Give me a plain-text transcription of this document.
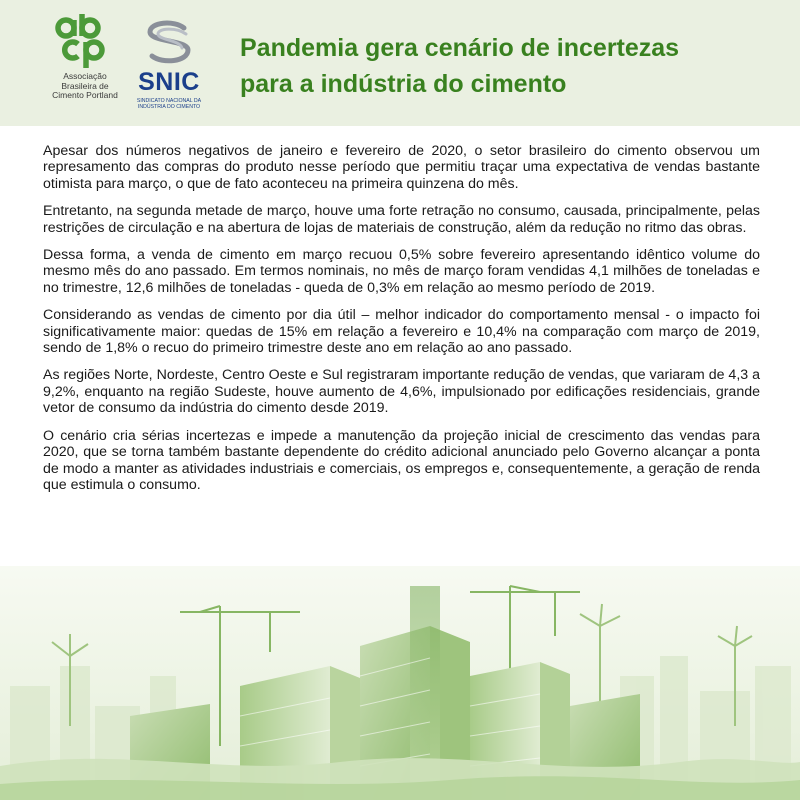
Associação
Brasileira de
Cimento Portland SNIC
SINDICATO NACIONAL DA
INDÚSTRIA DO CIMENTO
Pandemia gera cenário de incertezas
para a indústria do cimento

Apesar dos números negativos de janeiro e fevereiro de 2020, o setor brasileiro do cimento observou um represamento das compras do produto nesse período que permitiu traçar uma expectativa de vendas bastante otimista para março, o que de fato aconteceu na primeira quinzena do mês.

Entretanto, na segunda metade de março, houve uma forte retração no consumo, causada, principalmente, pelas restrições de circulação e na abertura de lojas de materiais de construção, além da redução no ritmo das obras.

Dessa forma, a venda de cimento em março recuou 0,5% sobre fevereiro apresentando idêntico volume do mesmo mês do ano passado. Em termos nominais, no mês de março foram vendidas 4,1 milhões de toneladas e no trimestre, 12,6 milhões de toneladas - queda de 0,3% em relação ao mesmo período de 2019.

Considerando as vendas de cimento por dia útil – melhor indicador do comportamento mensal - o impacto foi significativamente maior: quedas de 15% em relação a fevereiro e 10,4% na comparação com março de 2019, sendo de 1,8% o recuo do primeiro trimestre deste ano em relação ao ano passado.

As regiões Norte, Nordeste, Centro Oeste e Sul registraram importante redução de vendas, que variaram de 4,3 a 9,2%, enquanto na região Sudeste, houve aumento de 4,6%, impulsionado por edificações residenciais, grande vetor de consumo da indústria do cimento desde 2019.

O cenário cria sérias incertezas e impede a manutenção da projeção inicial de crescimento das vendas para 2020, que se torna também bastante dependente do crédito adicional anunciado pelo Governo alcançar a ponta de modo a manter as atividades industriais e comerciais, os empregos e, consequentemente, a geração de renda que estimula o consumo.
